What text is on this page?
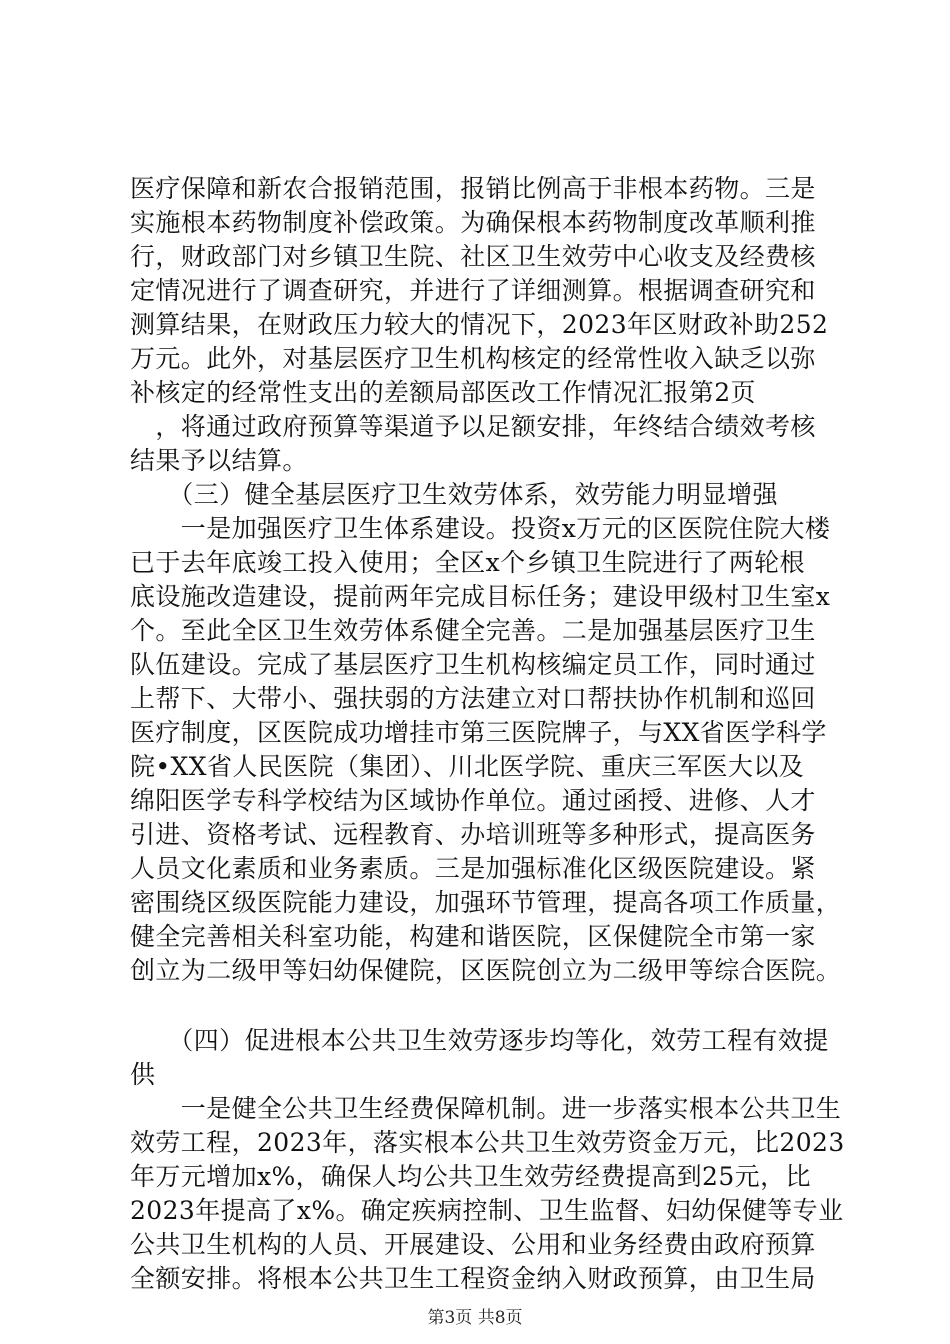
医疗保障和新农合报销范围，报销比例高于非根本药物。三是
实施根本药物制度补偿政策。为确保根本药物制度改革顺利推
行，财政部门对乡镇卫生院、社区卫生效劳中心收支及经费核
定情况进行了调查研究，并进行了详细测算。根据调查研究和
测算结果，在财政压力较大的情况下，2023年区财政补助252
万元。此外，对基层医疗卫生机构核定的经常性收入缺乏以弥
补核定的经常性支出的差额局部医改工作情况汇报第2页
　，将通过政府预算等渠道予以足额安排，年终结合绩效考核
结果予以结算。
　　（三）健全基层医疗卫生效劳体系，效劳能力明显增强
　　一是加强医疗卫生体系建设。投资x万元的区医院住院大楼
已于去年底竣工投入使用；全区x个乡镇卫生院进行了两轮根
底设施改造建设，提前两年完成目标任务；建设甲级村卫生室x
个。至此全区卫生效劳体系健全完善。二是加强基层医疗卫生
队伍建设。完成了基层医疗卫生机构核编定员工作，同时通过
上帮下、大带小、强扶弱的方法建立对口帮扶协作机制和巡回
医疗制度，区医院成功增挂市第三医院牌子，与XX省医学科学
院•XX省人民医院（集团）、川北医学院、重庆三军医大以及
绵阳医学专科学校结为区域协作单位。通过函授、进修、人才
引进、资格考试、远程教育、办培训班等多种形式，提高医务
人员文化素质和业务素质。三是加强标准化区级医院建设。紧
密围绕区级医院能力建设，加强环节管理，提高各项工作质量，
健全完善相关科室功能，构建和谐医院，区保健院全市第一家
创立为二级甲等妇幼保健院，区医院创立为二级甲等综合医院。
　　（四）促进根本公共卫生效劳逐步均等化，效劳工程有效提
供
　　一是健全公共卫生经费保障机制。进一步落实根本公共卫生
效劳工程，2023年，落实根本公共卫生效劳资金万元，比2023
年万元增加x%，确保人均公共卫生效劳经费提高到25元，比
2023年提高了x%。确定疾病控制、卫生监督、妇幼保健等专业
公共卫生机构的人员、开展建设、公用和业务经费由政府预算
全额安排。将根本公共卫生工程资金纳入财政预算，由卫生局
第3页 共8页
